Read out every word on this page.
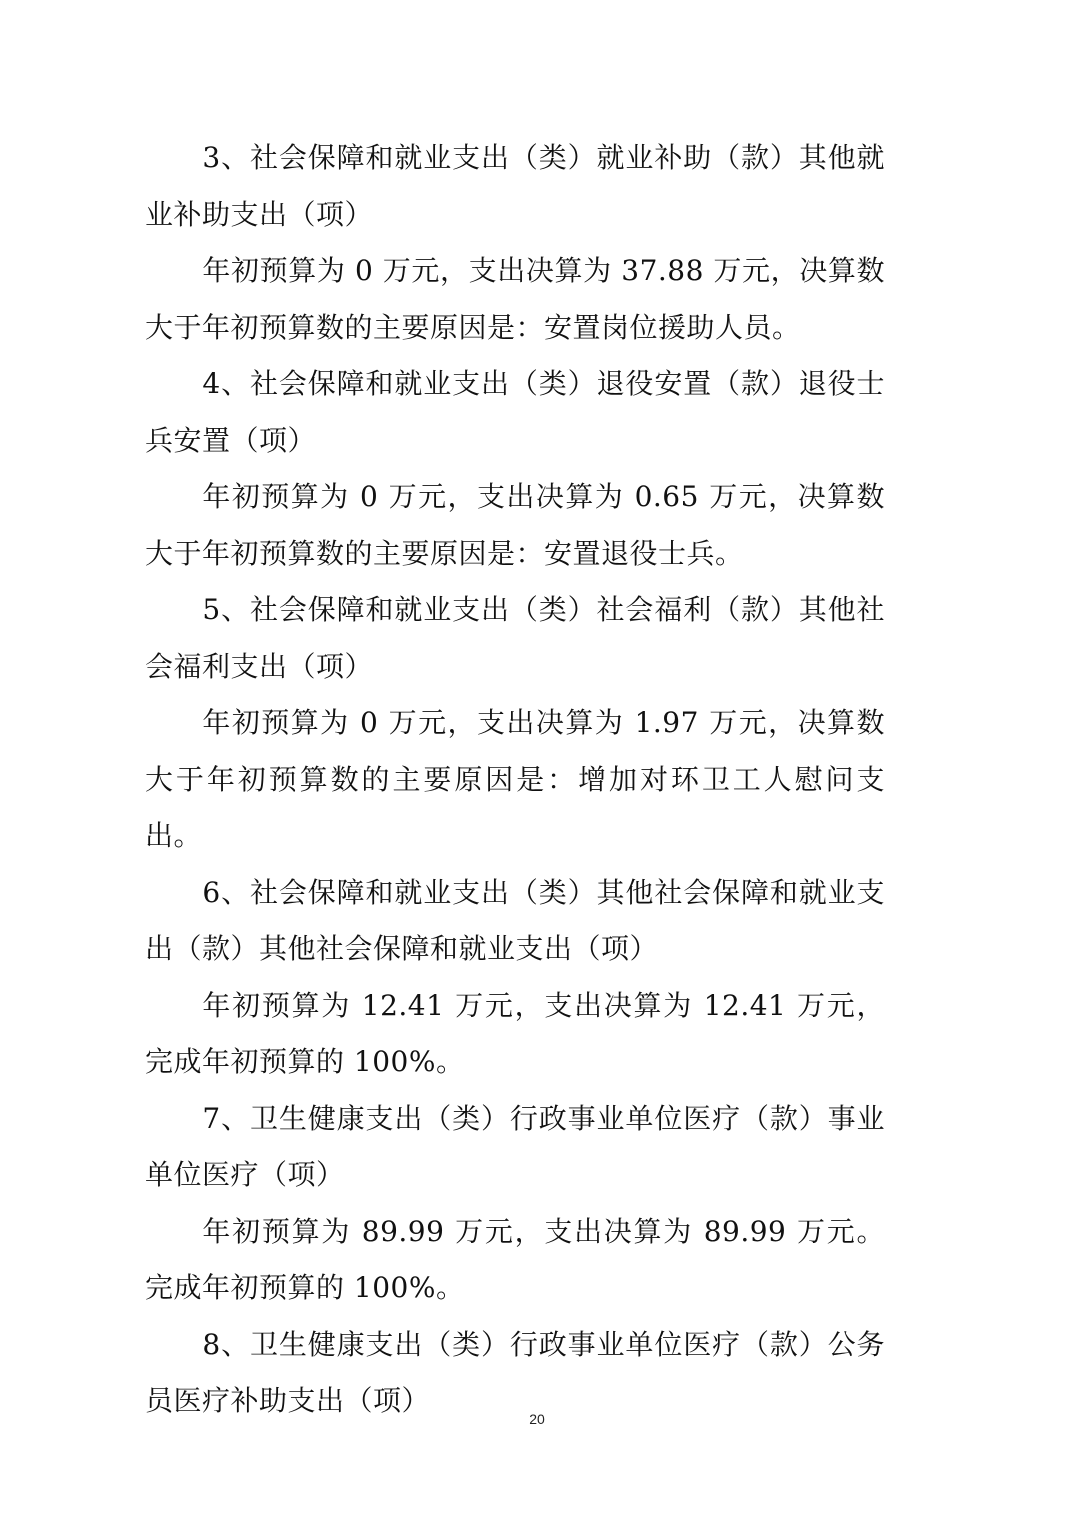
3、社会保障和就业支出（类）就业补助（款）其他就业补助支出（项）

年初预算为 0 万元，支出决算为 37.88 万元，决算数大于年初预算数的主要原因是：安置岗位援助人员。

4、社会保障和就业支出（类）退役安置（款）退役士兵安置（项）

年初预算为 0 万元，支出决算为 0.65 万元，决算数大于年初预算数的主要原因是：安置退役士兵。

5、社会保障和就业支出（类）社会福利（款）其他社会福利支出（项）

年初预算为 0 万元，支出决算为 1.97 万元，决算数大于年初预算数的主要原因是：增加对环卫工人慰问支出。

6、社会保障和就业支出（类）其他社会保障和就业支出（款）其他社会保障和就业支出（项）

年初预算为 12.41 万元，支出决算为 12.41 万元，完成年初预算的 100%。

7、卫生健康支出（类）行政事业单位医疗（款）事业单位医疗（项）

年初预算为 89.99 万元，支出决算为 89.99 万元。完成年初预算的 100%。

8、卫生健康支出（类）行政事业单位医疗（款）公务员医疗补助支出（项）

20
